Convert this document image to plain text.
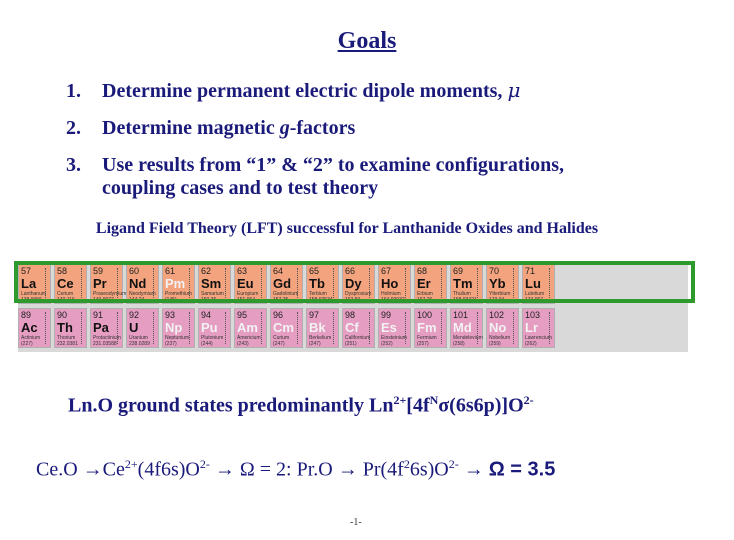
Goals
1. Determine permanent electric dipole moments, μ
2. Determine magnetic g-factors
3. Use results from “1” & “2” to examine configurations,
coupling cases and to test theory
Ligand Field Theory (LFT) successful for Lanthanide Oxides and Halides
57
La
Lanthanum
138.9055
58
Ce
Cerium
140.116
59
Pr
Praseodymium
140.9077
60
Nd
Neodymium
144.24
61
Pm
Promethium
(145)
62
Sm
Samarium
150.36
63
Eu
Europium
151.964
64
Gd
Gadolinium
157.25
65
Tb
Terbium
158.92534
66
Dy
Dysprosium
162.50
67
Ho
Holmium
164.93032
68
Er
Erbium
167.26
69
Tm
Thulium
168.93421
70
Yb
Ytterbium
173.04
71
Lu
Lutetium
174.967
89
Ac
Actinium
(227)
90
Th
Thorium
232.0381
91
Pa
Protactinium
231.03588
92
U
Uranium
238.0289
93
Np
Neptunium
(237)
94
Pu
Plutonium
(244)
95
Am
Americium
(243)
96
Cm
Curium
(247)
97
Bk
Berkelium
(247)
98
Cf
Californium
(251)
99
Es
Einsteinium
(252)
100
Fm
Fermium
(257)
101
Md
Mendelevium
(258)
102
No
Nobelium
(259)
103
Lr
Lawrencium
(262)
Ln.O ground states predominantly $Ln^{2+}[4f^N\sigma(6s6p)]O^{2-}$
$Ce.O \to Ce^{2+}(4f6s)O^{2-} \to \Omega = 2$: $Pr.O \to Pr(4f^26s)O^{2-} \to \Omega = 3.5$
-1-
